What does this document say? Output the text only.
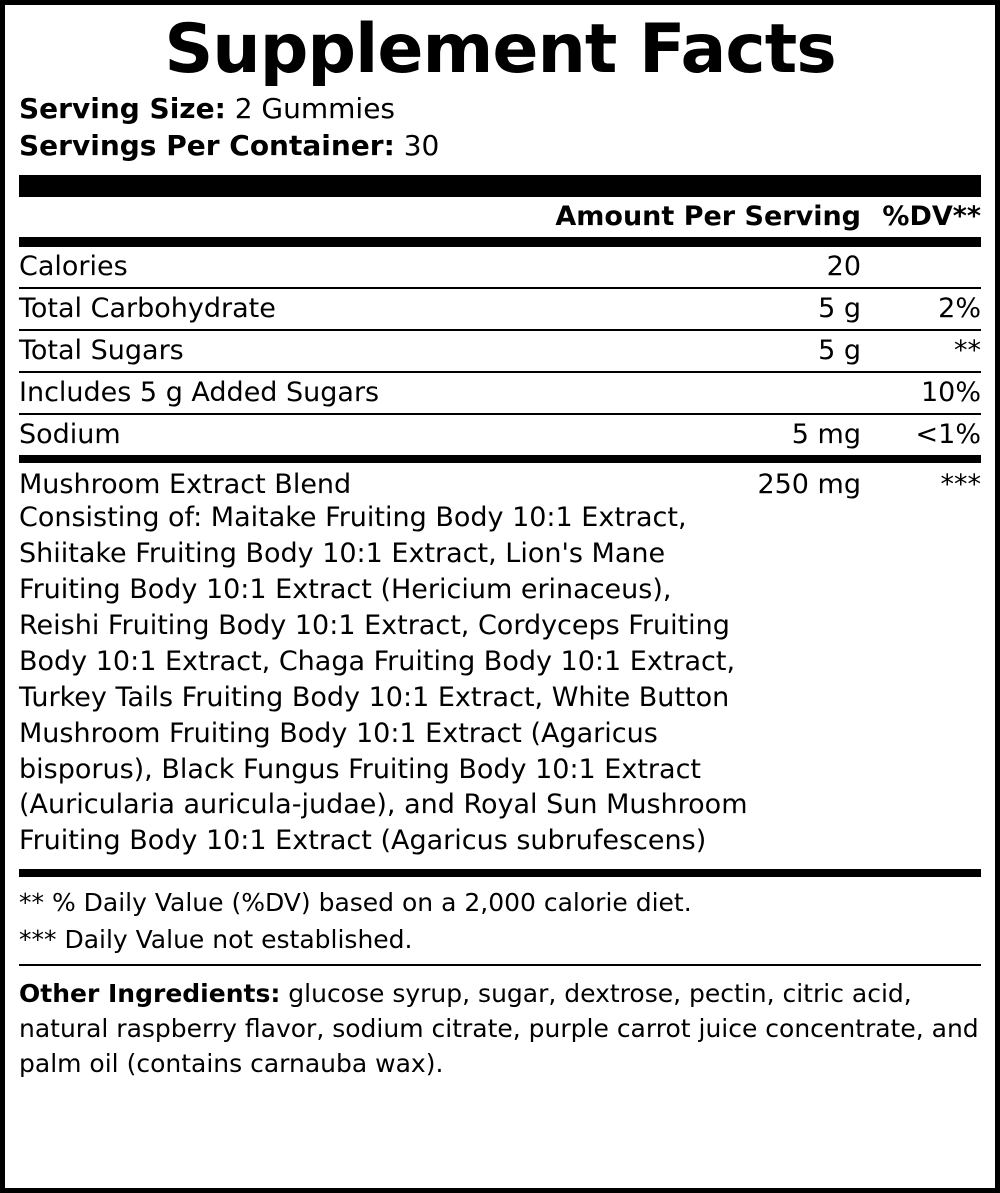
Supplement Facts
Serving Size: 2 Gummies
Servings Per Container: 30
	Amount Per Serving	%DV**
Calories	20	
Total Carbohydrate	5 g	2%
Total Sugars	5 g	**
Includes 5 g Added Sugars		10%
Sodium	5 mg	<1%
Mushroom Extract Blend	250 mg	***
Consisting of: Maitake Fruiting Body 10:1 Extract, Shiitake Fruiting Body 10:1 Extract, Lion's Mane Fruiting Body 10:1 Extract (Hericium erinaceus), Reishi Fruiting Body 10:1 Extract, Cordyceps Fruiting Body 10:1 Extract, Chaga Fruiting Body 10:1 Extract, Turkey Tails Fruiting Body 10:1 Extract, White Button Mushroom Fruiting Body 10:1 Extract (Agaricus bisporus), Black Fungus Fruiting Body 10:1 Extract (Auricularia auricula-judae), and Royal Sun Mushroom Fruiting Body 10:1 Extract (Agaricus subrufescens)
** % Daily Value (%DV) based on a 2,000 calorie diet.
*** Daily Value not established.
Other Ingredients: glucose syrup, sugar, dextrose, pectin, citric acid, natural raspberry flavor, sodium citrate, purple carrot juice concentrate, and palm oil (contains carnauba wax).
